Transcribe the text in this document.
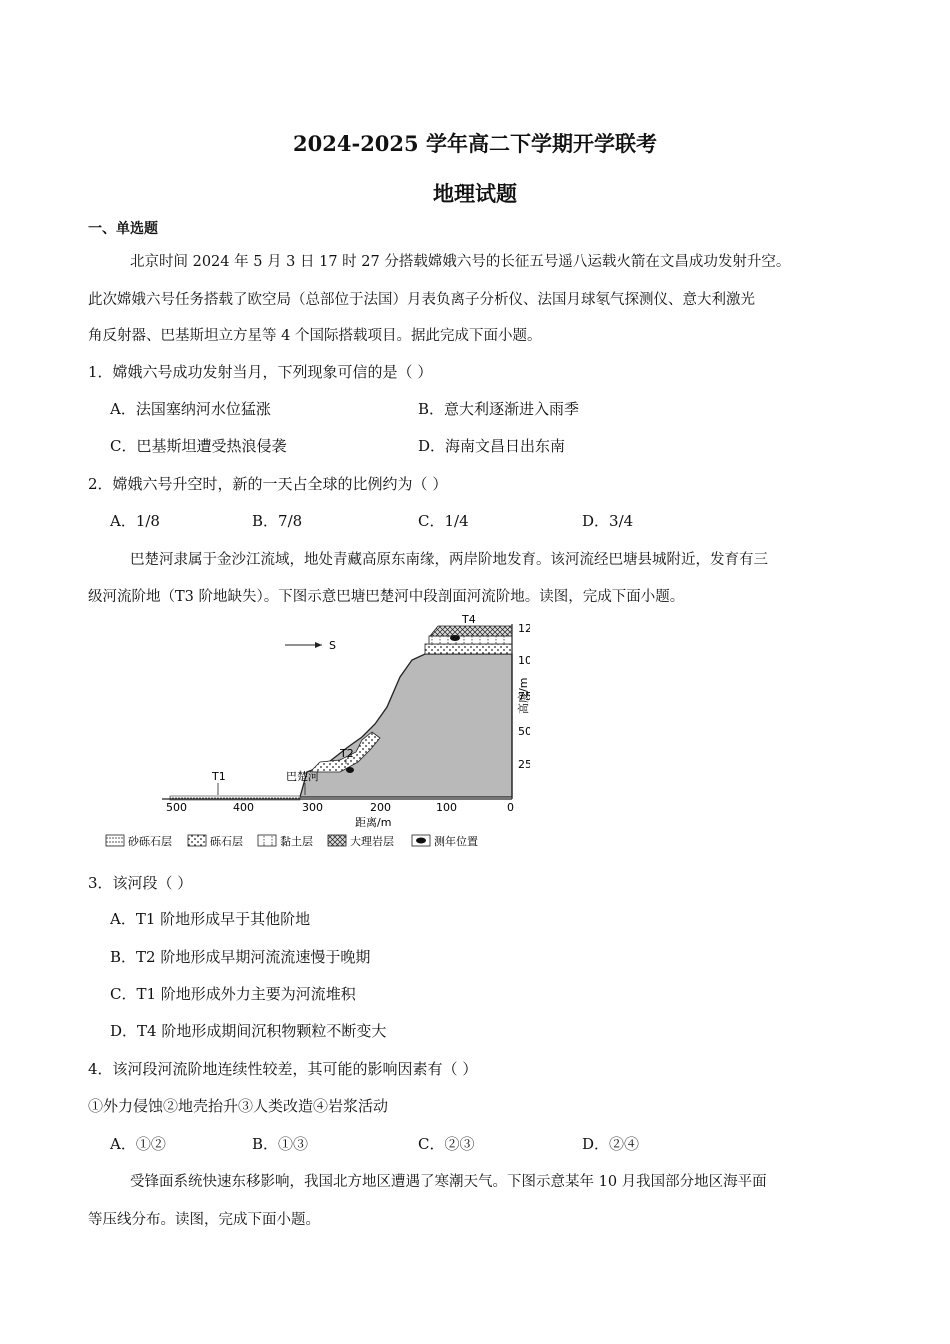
2024-2025 学年高二下学期开学联考
地理试题
一、单选题
北京时间 2024 年 5 月 3 日 17 时 27 分搭载嫦娥六号的长征五号遥八运载火箭在文昌成功发射升空。
此次嫦娥六号任务搭载了欧空局（总部位于法国）月表负离子分析仪、法国月球氡气探测仪、意大利激光
角反射器、巴基斯坦立方星等 4 个国际搭载项目。据此完成下面小题。
1．嫦娥六号成功发射当月，下列现象可信的是（ ）
A．法国塞纳河水位猛涨	B．意大利逐渐进入雨季
C．巴基斯坦遭受热浪侵袭	D．海南文昌日出东南
2．嫦娥六号升空时，新的一天占全球的比例约为（ ）
A．1/8	B．7/8	C．1/4	D．3/4
巴楚河隶属于金沙江流域，地处青藏高原东南缘，两岸阶地发育。该河流经巴塘县城附近，发育有三
级河流阶地（T3 阶地缺失）。下图示意巴塘巴楚河中段剖面河流阶地。读图，完成下面小题。
12
10
75
50
25
500	400	300	200	100	0
距离/m
S
T1	巴楚河
T2
T4
高度/m
砂砾石层	砾石层	黏土层	大理岩层	测年位置
3．该河段（ ）
A．T1 阶地形成早于其他阶地
B．T2 阶地形成早期河流流速慢于晚期
C．T1 阶地形成外力主要为河流堆积
D．T4 阶地形成期间沉积物颗粒不断变大
4．该河段河流阶地连续性较差，其可能的影响因素有（ ）
①外力侵蚀②地壳抬升③人类改造④岩浆活动
A．①②	B．①③	C．②③	D．②④
受锋面系统快速东移影响，我国北方地区遭遇了寒潮天气。下图示意某年 10 月我国部分地区海平面
等压线分布。读图，完成下面小题。
